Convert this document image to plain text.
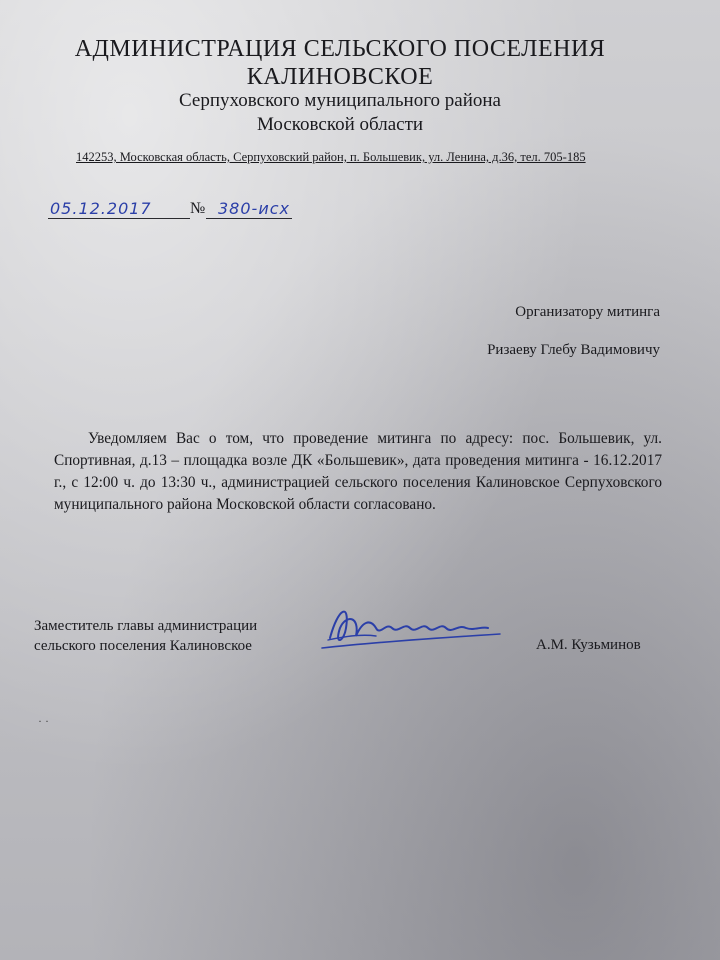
АДМИНИСТРАЦИЯ СЕЛЬСКОГО ПОСЕЛЕНИЯ
КАЛИНОВСКОЕ
Серпуховского муниципального района
Московской области
142253, Московская область, Серпуховский район, п. Большевик, ул. Ленина, д.36, тел. 705-185
05.12.2017 № 380-исх
Организатору митинга
Ризаеву Глебу Вадимовичу
Уведомляем Вас о том, что проведение митинга по адресу: пос. Большевик, ул. Спортивная, д.13 – площадка возле ДК «Большевик», дата проведения митинга - 16.12.2017 г., с 12:00 ч. до 13:30 ч., администрацией сельского поселения Калиновское Серпуховского муниципального района Московской области согласовано.
Заместитель главы администрации
сельского поселения Калиновское	А.М. Кузьминов
· ·
